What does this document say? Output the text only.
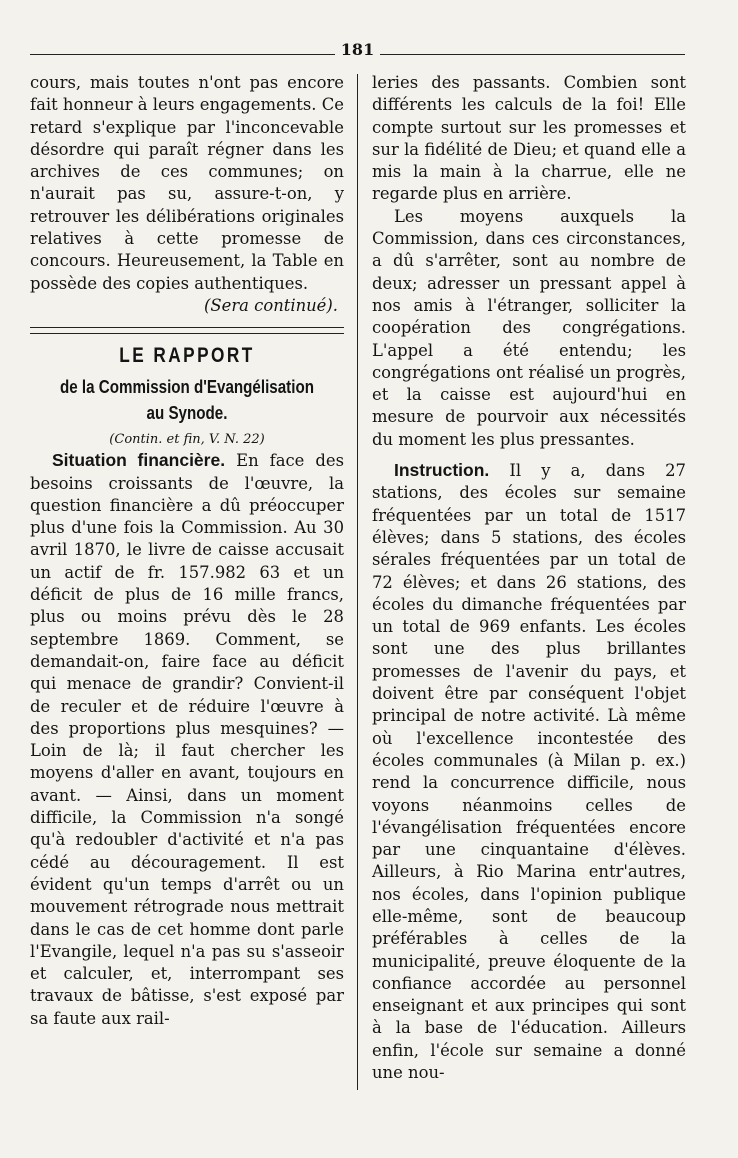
181

cours, mais toutes n'ont pas encore fait honneur à leurs engagements. Ce retard s'explique par l'inconcevable désordre qui paraît régner dans les archives de ces communes; on n'aurait pas su, assure-t-on, y retrouver les délibérations originales relatives à cette promesse de concours. Heureusement, la Table en possède des copies authentiques.

(Sera continué).

LE RAPPORT
de la Commission d'Evangélisation
au Synode.
(Contin. et fin, V. N. 22)

Situation financière. En face des besoins croissants de l'œuvre, la question financière a dû préoccuper plus d'une fois la Commission. Au 30 avril 1870, le livre de caisse accusait un actif de fr. 157.982 63 et un déficit de plus de 16 mille francs, plus ou moins prévu dès le 28 septembre 1869. Comment, se demandait-on, faire face au déficit qui menace de grandir? Convient-il de reculer et de réduire l'œuvre à des proportions plus mesquines? — Loin de là; il faut chercher les moyens d'aller en avant, toujours en avant. — Ainsi, dans un moment difficile, la Commission n'a songé qu'à redoubler d'activité et n'a pas cédé au découragement. Il est évident qu'un temps d'arrêt ou un mouvement rétrograde nous mettrait dans le cas de cet homme dont parle l'Evangile, lequel n'a pas su s'asseoir et calculer, et, interrompant ses travaux de bâtisse, s'est exposé par sa faute aux rail-

leries des passants. Combien sont différents les calculs de la foi! Elle compte surtout sur les promesses et sur la fidélité de Dieu; et quand elle a mis la main à la charrue, elle ne regarde plus en arrière.

Les moyens auxquels la Commission, dans ces circonstances, a dû s'arrêter, sont au nombre de deux; adresser un pressant appel à nos amis à l'étranger, solliciter la coopération des congrégations. L'appel a été entendu; les congrégations ont réalisé un progrès, et la caisse est aujourd'hui en mesure de pourvoir aux nécessités du moment les plus pressantes.

Instruction. Il y a, dans 27 stations, des écoles sur semaine fréquentées par un total de 1517 élèves; dans 5 stations, des écoles sérales fréquentées par un total de 72 élèves; et dans 26 stations, des écoles du dimanche fréquentées par un total de 969 enfants. Les écoles sont une des plus brillantes promesses de l'avenir du pays, et doivent être par conséquent l'objet principal de notre activité. Là même où l'excellence incontestée des écoles communales (à Milan p. ex.) rend la concurrence difficile, nous voyons néanmoins celles de l'évangélisation fréquentées encore par une cinquantaine d'élèves. Ailleurs, à Rio Marina entr'autres, nos écoles, dans l'opinion publique elle-même, sont de beaucoup préférables à celles de la municipalité, preuve éloquente de la confiance accordée au personnel enseignant et aux principes qui sont à la base de l'éducation. Ailleurs enfin, l'école sur semaine a donné une nou-
